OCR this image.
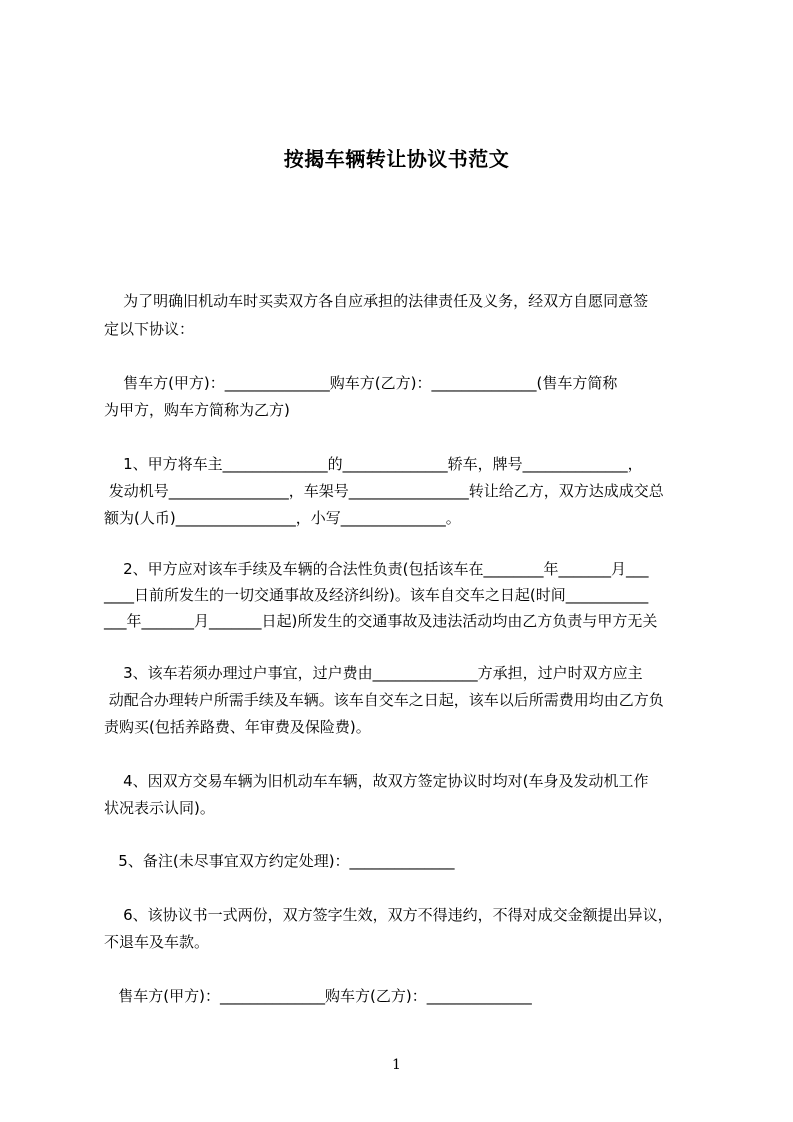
按揭车辆转让协议书范文
为了明确旧机动车时买卖双方各自应承担的法律责任及义务，经双方自愿同意签
定以下协议：
售车方(甲方)：______________购车方(乙方)：______________(售车方简称
为甲方，购车方简称为乙方)
1、甲方将车主______________的______________轿车，牌号______________，
发动机号________________，车架号________________转让给乙方，双方达成成交总
额为(人币)________________，小写______________。
2、甲方应对该车手续及车辆的合法性负责(包括该车在________年_______月___
____日前所发生的一切交通事故及经济纠纷)。该车自交车之日起(时间___________
___年_______月_______日起)所发生的交通事故及违法活动均由乙方负责与甲方无关
3、该车若须办理过户事宜，过户费由______________方承担，过户时双方应主
动配合办理转户所需手续及车辆。该车自交车之日起，该车以后所需费用均由乙方负
责购买(包括养路费、年审费及保险费)。
4、因双方交易车辆为旧机动车车辆，故双方签定协议时均对(车身及发动机工作
状况表示认同)。
5、备注(未尽事宜双方约定处理)：______________
6、该协议书一式两份，双方签字生效，双方不得违约，不得对成交金额提出异议，
不退车及车款。
售车方(甲方)：______________购车方(乙方)：______________
1
